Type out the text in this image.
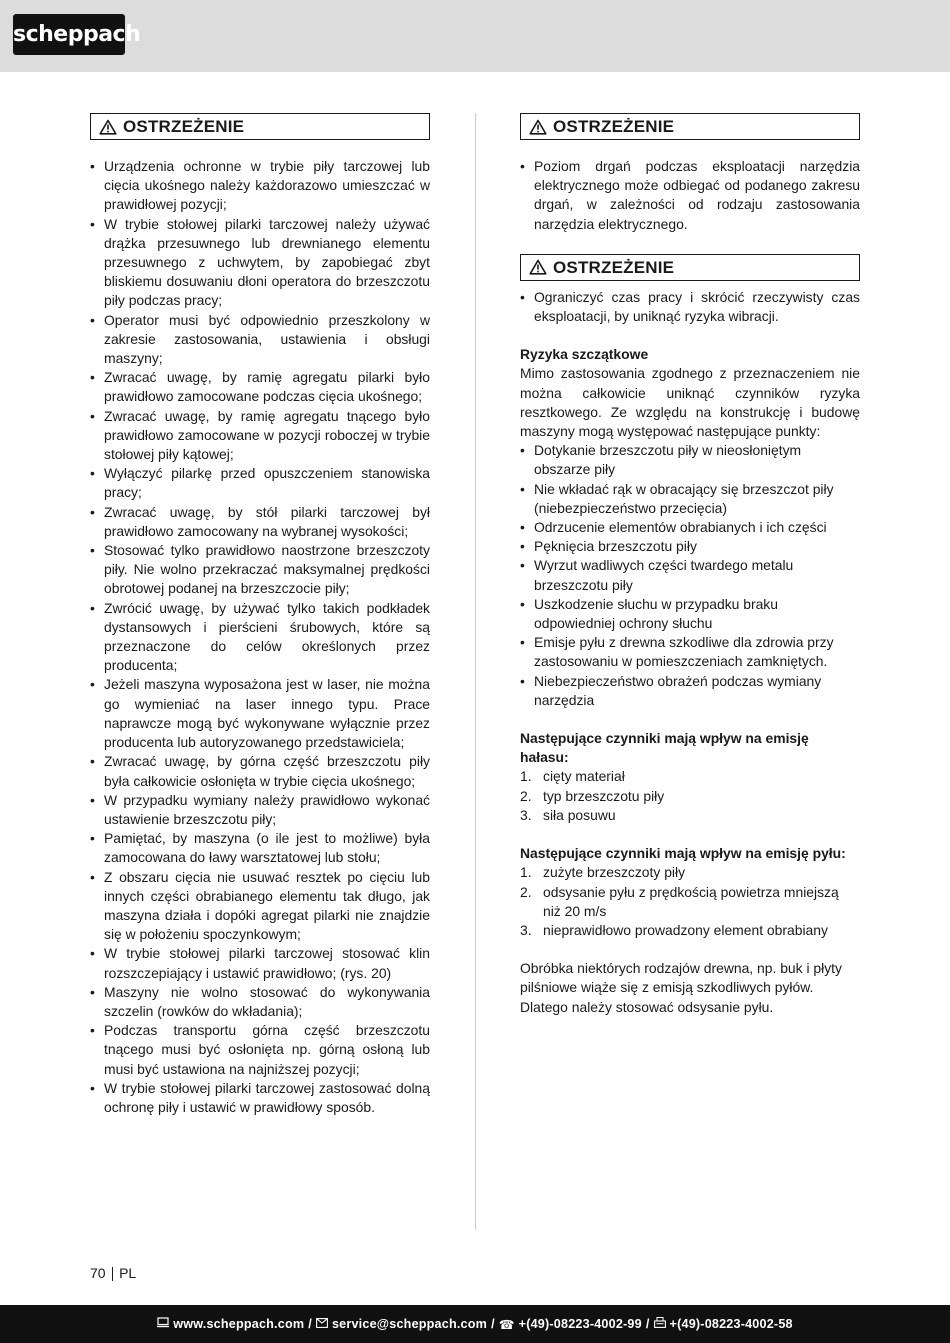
scheppach
OSTRZEŻENIE
• Urządzenia ochronne w trybie piły tarczowej lub cięcia ukośnego należy każdorazowo umieszczać w prawidłowej pozycji;
• W trybie stołowej pilarki tarczowej należy używać drążka przesuwnego lub drewnianego elementu przesuwnego z uchwytem, by zapobiegać zbyt bliskiemu dosuwaniu dłoni operatora do brzeszczotu piły podczas pracy;
• Operator musi być odpowiednio przeszkolony w zakresie zastosowania, ustawienia i obsługi maszyny;
• Zwracać uwagę, by ramię agregatu pilarki było prawidłowo zamocowane podczas cięcia ukośnego;
• Zwracać uwagę, by ramię agregatu tnącego było prawidłowo zamocowane w pozycji roboczej w trybie stołowej piły kątowej;
• Wyłączyć pilarkę przed opuszczeniem stanowiska pracy;
• Zwracać uwagę, by stół pilarki tarczowej był prawidłowo zamocowany na wybranej wysokości;
• Stosować tylko prawidłowo naostrzone brzeszczoty piły. Nie wolno przekraczać maksymalnej prędkości obrotowej podanej na brzeszczocie piły;
• Zwrócić uwagę, by używać tylko takich podkładek dystansowych i pierścieni śrubowych, które są przeznaczone do celów określonych przez producenta;
• Jeżeli maszyna wyposażona jest w laser, nie można go wymieniać na laser innego typu. Prace naprawcze mogą być wykonywane wyłącznie przez producenta lub autoryzowanego przedstawiciela;
• Zwracać uwagę, by górna część brzeszczotu piły była całkowicie osłonięta w trybie cięcia ukośnego;
• W przypadku wymiany należy prawidłowo wykonać ustawienie brzeszczotu piły;
• Pamiętać, by maszyna (o ile jest to możliwe) była zamocowana do ławy warsztatowej lub stołu;
• Z obszaru cięcia nie usuwać resztek po cięciu lub innych części obrabianego elementu tak długo, jak maszyna działa i dopóki agregat pilarki nie znajdzie się w położeniu spoczynkowym;
• W trybie stołowej pilarki tarczowej stosować klin rozszczepiający i ustawić prawidłowo; (rys. 20)
• Maszyny nie wolno stosować do wykonywania szczelin (rowków do wkładania);
• Podczas transportu górna część brzeszczotu tnącego musi być osłonięta np. górną osłoną lub musi być ustawiona na najniższej pozycji;
• W trybie stołowej pilarki tarczowej zastosować dolną ochronę piły i ustawić w prawidłowy sposób.
OSTRZEŻENIE
• Poziom drgań podczas eksploatacji narzędzia elektrycznego może odbiegać od podanego zakresu drgań, w zależności od rodzaju zastosowania narzędzia elektrycznego.
OSTRZEŻENIE
• Ograniczyć czas pracy i skrócić rzeczywisty czas eksploatacji, by uniknąć ryzyka wibracji.
Ryzyka szczątkowe

Mimo zastosowania zgodnego z przeznaczeniem nie można całkowicie uniknąć czynników ryzyka resztkowego. Ze względu na konstrukcję i budowę maszyny mogą występować następujące punkty:

• Dotykanie brzeszczotu piły w nieosłoniętym obszarze piły
• Nie wkładać rąk w obracający się brzeszczot piły (niebezpieczeństwo przecięcia)
• Odrzucenie elementów obrabianych i ich części
• Pęknięcia brzeszczotu piły
• Wyrzut wadliwych części twardego metalu brzeszczotu piły
• Uszkodzenie słuchu w przypadku braku odpowiedniej ochrony słuchu
• Emisje pyłu z drewna szkodliwe dla zdrowia przy zastosowaniu w pomieszczeniach zamkniętych.
• Niebezpieczeństwo obrażeń podczas wymiany narzędzia
Następujące czynniki mają wpływ na emisję hałasu:
1. cięty materiał
2. typ brzeszczotu piły
3. siła posuwu
Następujące czynniki mają wpływ na emisję pyłu:
1. zużyte brzeszczoty piły
2. odsysanie pyłu z prędkością powietrza mniejszą niż 20 m/s
3. nieprawidłowo prowadzony element obrabiany

Obróbka niektórych rodzajów drewna, np. buk i płyty pilśniowe wiąże się z emisją szkodliwych pyłów. Dlatego należy stosować odsysanie pyłu.

70 PL
www.scheppach.com / service@scheppach.com / ☎ +(49)-08223-4002-99 / +(49)-08223-4002-58
